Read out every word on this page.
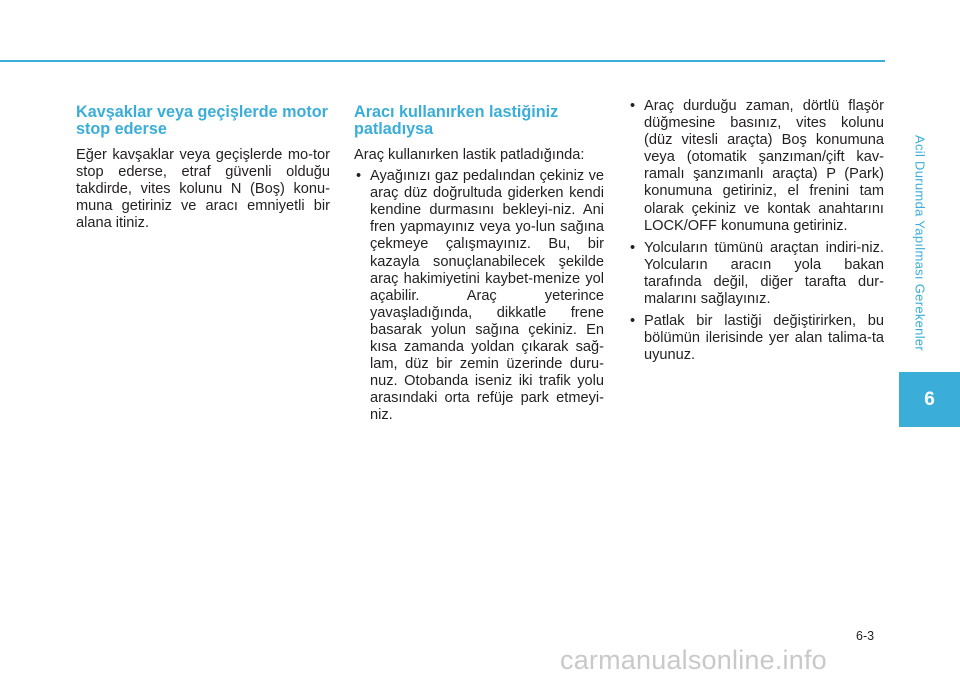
Kavşaklar veya geçişlerde motor stop ederse

Eğer kavşaklar veya geçişlerde mo-tor stop ederse, etraf güvenli olduğu takdirde, vites kolunu N (Boş) konu-muna getiriniz ve aracı emniyetli bir alana itiniz.

Aracı kullanırken lastiğiniz patladıysa

Araç kullanırken lastik patladığında:

• Ayağınızı gaz pedalından çekiniz ve araç düz doğrultuda giderken kendi kendine durmasını bekleyi-niz. Ani fren yapmayınız veya yo-lun sağına çekmeye çalışmayınız. Bu, bir kazayla sonuçlanabilecek şekilde araç hakimiyetini kaybet-menize yol açabilir. Araç yeterince yavaşladığında, dikkatle frene basarak yolun sağına çekiniz. En kısa zamanda yoldan çıkarak sağ-lam, düz bir zemin üzerinde duru-nuz. Otobanda iseniz iki trafik yolu arasındaki orta refüje park etmeyi-niz.
• Araç durduğu zaman, dörtlü flaşör düğmesine basınız, vites kolunu (düz vitesli araçta) Boş konumuna veya (otomatik şanzıman/çift kav-ramalı şanzımanlı araçta) P (Park) konumuna getiriniz, el frenini tam olarak çekiniz ve kontak anahtarını LOCK/OFF konumuna getiriniz.
• Yolcuların tümünü araçtan indiri-niz. Yolcuların aracın yola bakan tarafında değil, diğer tarafta dur-malarını sağlayınız.
• Patlak bir lastiği değiştirirken, bu bölümün ilerisinde yer alan talima-ta uyunuz.
Acil Durumda Yapılması Gerekenler
6
6-3
carmanualsonline.info
